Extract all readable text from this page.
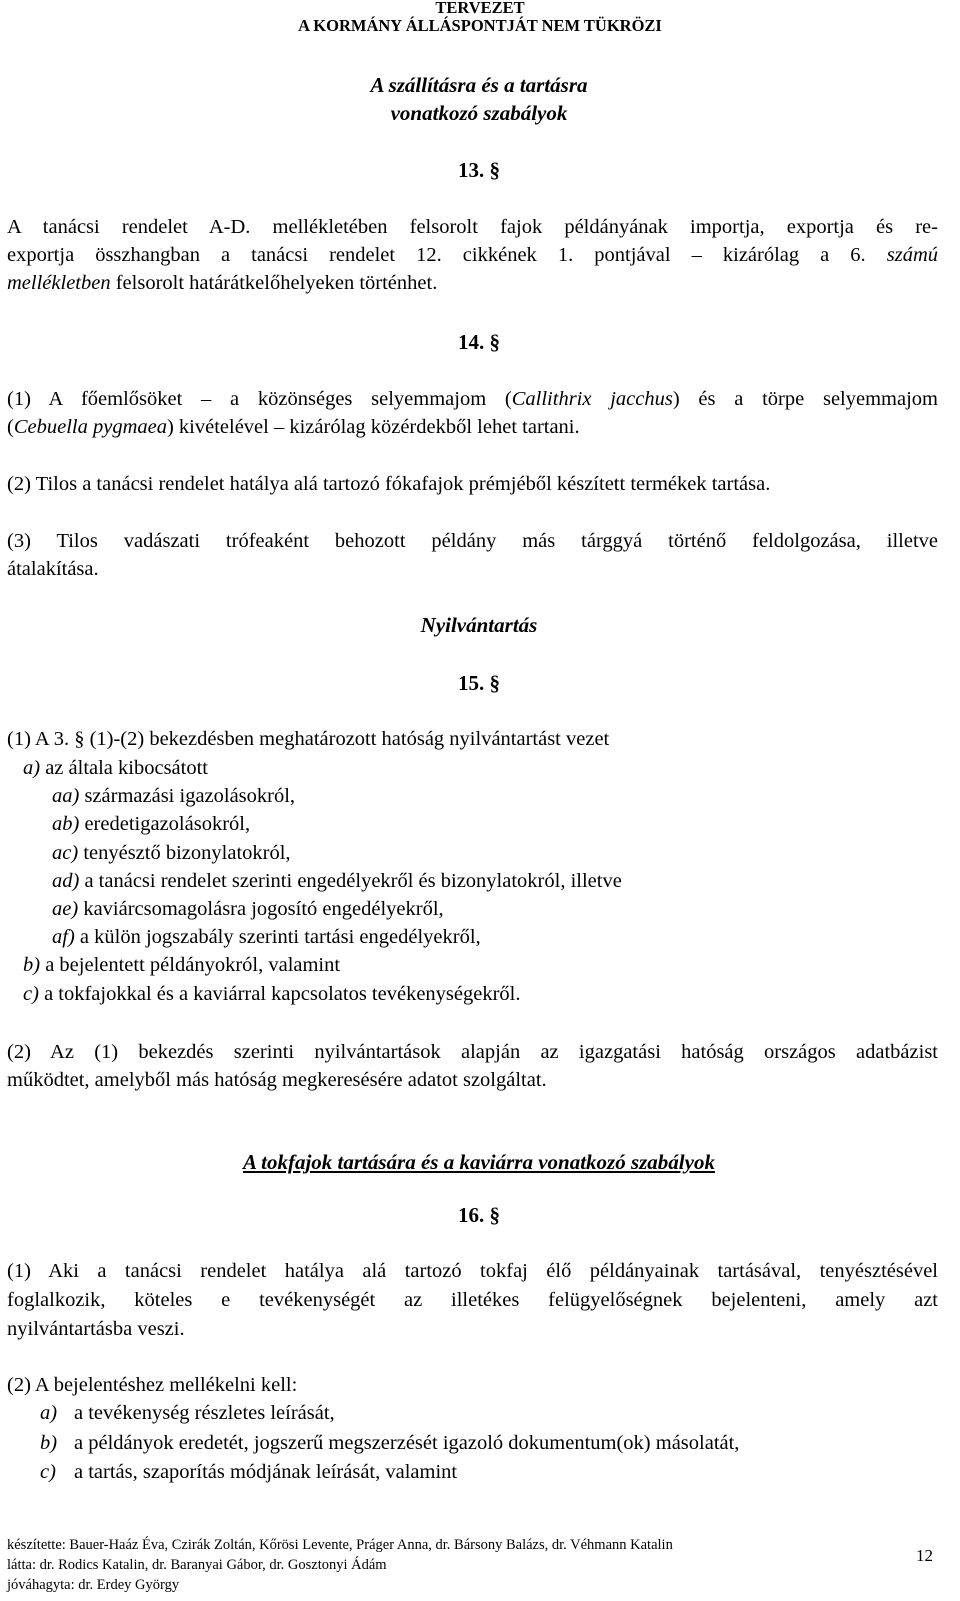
TERVEZET
A KORMÁNY ÁLLÁSPONTJÁT NEM TÜKRÖZI
A szállításra és a tartásra
vonatkozó szabályok
13. §
A tanácsi rendelet A-D. mellékletében felsorolt fajok példányának importja, exportja és re-
exportja összhangban a tanácsi rendelet 12. cikkének 1. pontjával – kizárólag a 6. számú
mellékletben felsorolt határátkelőhelyeken történhet.
14. §
(1) A főemlősöket – a közönséges selyemmajom (Callithrix jacchus) és a törpe selyemmajom
(Cebuella pygmaea) kivételével – kizárólag közérdekből lehet tartani.
(2) Tilos a tanácsi rendelet hatálya alá tartozó fókafajok prémjéből készített termékek tartása.
(3) Tilos vadászati trófeaként behozott példány más tárggyá történő feldolgozása, illetve
átalakítása.
Nyilvántartás
15. §
(1) A 3. § (1)-(2) bekezdésben meghatározott hatóság nyilvántartást vezet
a) az általa kibocsátott
aa) származási igazolásokról,
ab) eredetigazolásokról,
ac) tenyésztő bizonylatokról,
ad) a tanácsi rendelet szerinti engedélyekről és bizonylatokról, illetve
ae) kaviárcsomagolásra jogosító engedélyekről,
af) a külön jogszabály szerinti tartási engedélyekről,
b) a bejelentett példányokról, valamint
c) a tokfajokkal és a kaviárral kapcsolatos tevékenységekről.
(2) Az (1) bekezdés szerinti nyilvántartások alapján az igazgatási hatóság országos adatbázist
működtet, amelyből más hatóság megkeresésére adatot szolgáltat.
A tokfajok tartására és a kaviárra vonatkozó szabályok
16. §
(1) Aki a tanácsi rendelet hatálya alá tartozó tokfaj élő példányainak tartásával, tenyésztésével
foglalkozik, köteles e tevékenységét az illetékes felügyelőségnek bejelenteni, amely azt
nyilvántartásba veszi.
(2) A bejelentéshez mellékelni kell:
a) a tevékenység részletes leírását,
b) a példányok eredetét, jogszerű megszerzését igazoló dokumentum(ok) másolatát,
c) a tartás, szaporítás módjának leírását, valamint
készítette: Bauer-Haáz Éva, Czirák Zoltán, Kőrösi Levente, Práger Anna, dr. Bársony Balázs, dr. Véhmann Katalin
látta: dr. Rodics Katalin, dr. Baranyai Gábor, dr. Gosztonyi Ádám
jóváhagyta: dr. Erdey György
12
